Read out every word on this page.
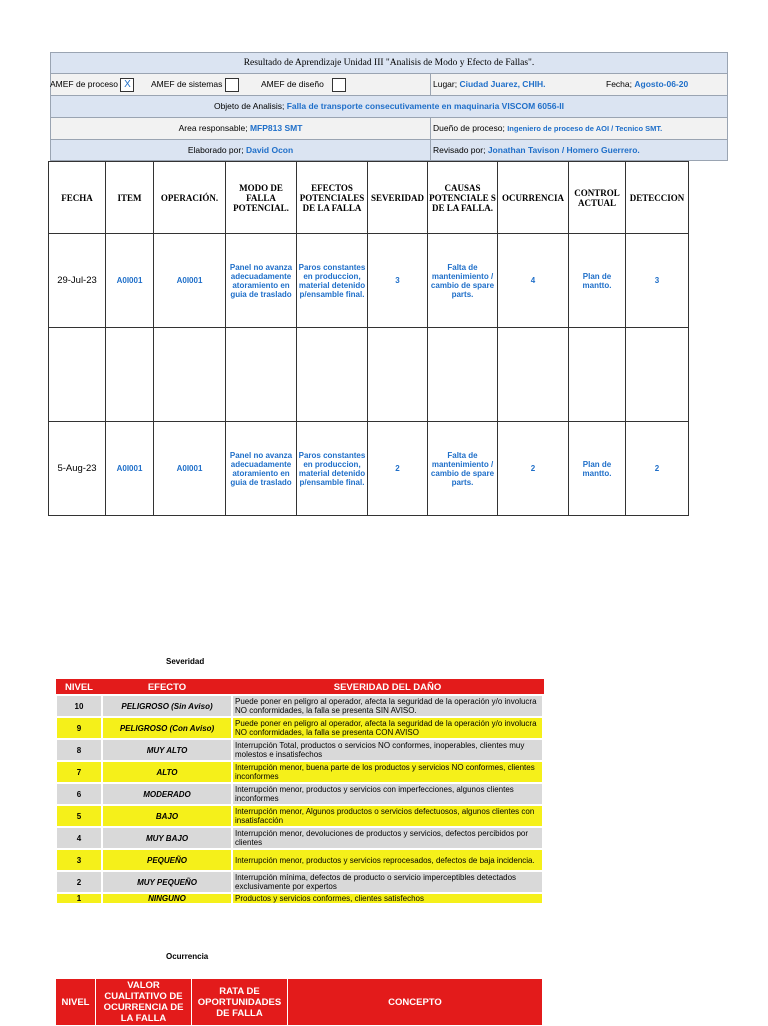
Resultado de Aprendizaje Unidad III "Analisis de Modo y Efecto de Fallas".
AMEF de proceso X	AMEF de sistemas	AMEF de diseño	Lugar; Ciudad Juarez, CHIH.	Fecha; Agosto-06-20
Objeto de Analisis; Falla de transporte consecutivamente en maquinaria VISCOM 6056-II
Area responsable; MFP813 SMT	Dueño de proceso; Ingeniero de proceso de AOI / Tecnico SMT.
Elaborado por; David Ocon	Revisado por; Jonathan Tavison / Homero Guerrero.
FECHA	ITEM	OPERACIÓN.	MODO DE FALLA POTENCIAL.	EFECTOS POTENCIALES DE LA FALLA	SEVERIDAD	CAUSAS POTENCIALE S DE LA FALLA.	OCURRENCIA	CONTROL ACTUAL	DETECCION
29-Jul-23	A0I001	A0I001	Panel no avanza adecuadamente atoramiento en guia de traslado	Paros constantes en produccion, material detenido p/ensamble final.	3	Falta de mantenimiento / cambio de spare parts.	4	Plan de mantto.	3

5-Aug-23	A0I001	A0I001	Panel no avanza adecuadamente atoramiento en guia de traslado	Paros constantes en produccion, material detenido p/ensamble final.	2	Falta de mantenimiento / cambio de spare parts.	2	Plan de mantto.	2
Severidad
NIVEL	EFECTO	SEVERIDAD DEL DAÑO
10	PELIGROSO (Sin Aviso)	Puede poner en peligro al operador, afecta la seguridad de la operación y/o involucra NO conformidades, la falla se presenta SIN AVISO.
9	PELIGROSO (Con Aviso)	Puede poner en peligro al operador, afecta la seguridad de la operación y/o involucra NO conformidades, la falla se presenta CON AVISO
8	MUY ALTO	Interrupción Total, productos o servicios NO conformes, inoperables, clientes muy molestos e insatisfechos
7	ALTO	Interrupción menor, buena parte de los productos y servicios NO conformes, clientes inconformes
6	MODERADO	Interrupción menor, productos y servicios con imperfecciones, algunos clientes inconformes
5	BAJO	Interrupción menor, Algunos productos o servicios defectuosos, algunos clientes con insatisfacción
4	MUY BAJO	Interrupción menor, devoluciones de productos y servicios, defectos percibidos por clientes
3	PEQUEÑO	Interrupción menor, productos y servicios reprocesados, defectos de baja incidencia.
2	MUY PEQUEÑO	Interrupción mínima, defectos de producto o servicio imperceptibles detectados exclusivamente por expertos
1	NINGUNO	Productos y servicios conformes, clientes satisfechos
Ocurrencia
NIVEL	VALOR CUALITATIVO DE OCURRENCIA DE LA FALLA	RATA DE OPORTUNIDADES DE FALLA	CONCEPTO
